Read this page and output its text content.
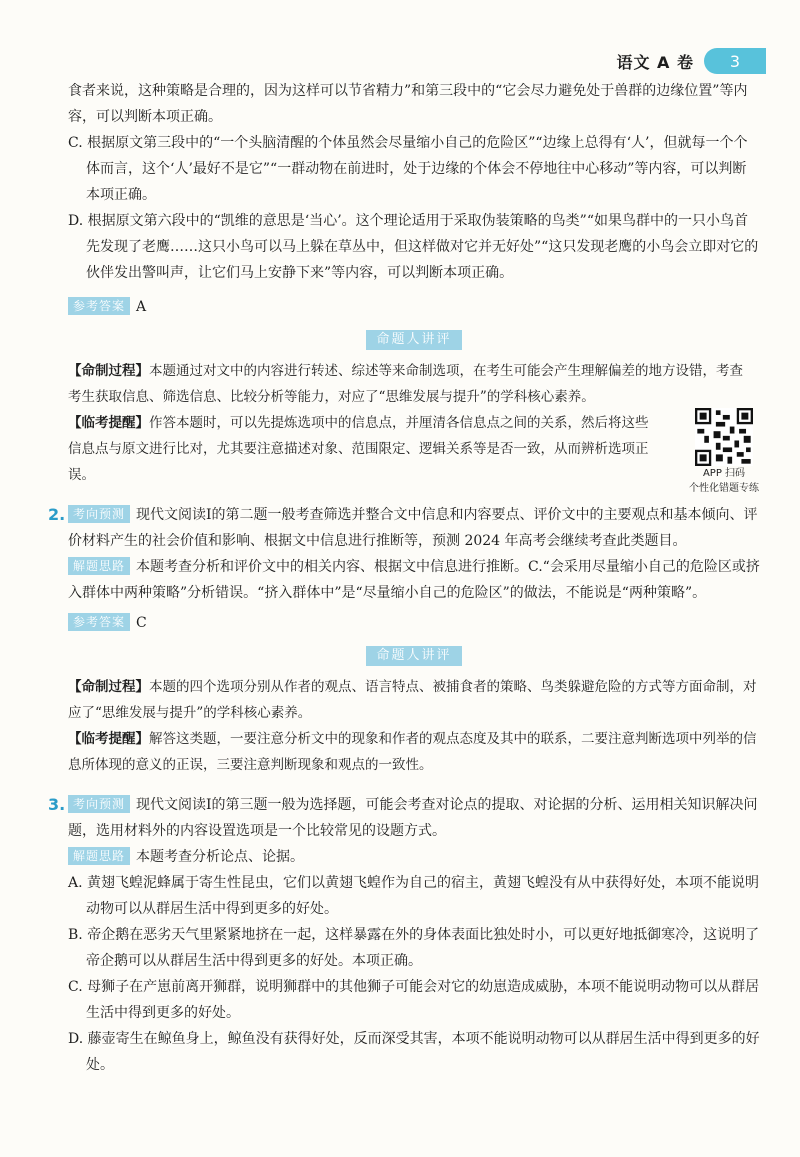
语文 A 卷	3

食者来说，这种策略是合理的，因为这样可以节省精力”和第三段中的“它会尽力避免处于兽群的边缘位置”等内容，可以判断本项正确。

C. 根据原文第三段中的“一个头脑清醒的个体虽然会尽量缩小自己的危险区”“边缘上总得有‘人’，但就每一个个体而言，这个‘人’最好不是它”“一群动物在前进时，处于边缘的个体会不停地往中心移动”等内容，可以判断本项正确。

D. 根据原文第六段中的“凯维的意思是‘当心’。这个理论适用于采取伪装策略的鸟类”“如果鸟群中的一只小鸟首先发现了老鹰……这只小鸟可以马上躲在草丛中，但这样做对它并无好处”“这只发现老鹰的小鸟会立即对它的伙伴发出警叫声，让它们马上安静下来”等内容，可以判断本项正确。

参考答案 A

命题人讲评

【命制过程】本题通过对文中的内容进行转述、综述等来命制选项，在考生可能会产生理解偏差的地方设错，考查考生获取信息、筛选信息、比较分析等能力，对应了“思维发展与提升”的学科核心素养。

【临考提醒】作答本题时，可以先提炼选项中的信息点，并厘清各信息点之间的关系，然后将这些信息点与原文进行比对，尤其要注意描述对象、范围限定、逻辑关系等是否一致，从而辨析选项正误。	APP 扫码
个性化错题专练
2. 考向预测 现代文阅读Ⅰ的第二题一般考查筛选并整合文中信息和内容要点、评价文中的主要观点和基本倾向、评价材料产生的社会价值和影响、根据文中信息进行推断等，预测 2024 年高考会继续考查此类题目。

解题思路 本题考查分析和评价文中的相关内容、根据文中信息进行推断。C.“会采用尽量缩小自己的危险区或挤入群体中两种策略”分析错误。“挤入群体中”是“尽量缩小自己的危险区”的做法，不能说是“两种策略”。

参考答案 C

命题人讲评

【命制过程】本题的四个选项分别从作者的观点、语言特点、被捕食者的策略、鸟类躲避危险的方式等方面命制，对应了“思维发展与提升”的学科核心素养。

【临考提醒】解答这类题，一要注意分析文中的现象和作者的观点态度及其中的联系，二要注意判断选项中列举的信息所体现的意义的正误，三要注意判断现象和观点的一致性。

3. 考向预测 现代文阅读Ⅰ的第三题一般为选择题，可能会考查对论点的提取、对论据的分析、运用相关知识解决问题，选用材料外的内容设置选项是一个比较常见的设题方式。

解题思路 本题考查分析论点、论据。

A. 黄翅飞蝗泥蜂属于寄生性昆虫，它们以黄翅飞蝗作为自己的宿主，黄翅飞蝗没有从中获得好处，本项不能说明动物可以从群居生活中得到更多的好处。

B. 帝企鹅在恶劣天气里紧紧地挤在一起，这样暴露在外的身体表面比独处时小，可以更好地抵御寒冷，这说明了帝企鹅可以从群居生活中得到更多的好处。本项正确。

C. 母狮子在产崽前离开狮群，说明狮群中的其他狮子可能会对它的幼崽造成威胁，本项不能说明动物可以从群居生活中得到更多的好处。

D. 藤壶寄生在鲸鱼身上，鲸鱼没有获得好处，反而深受其害，本项不能说明动物可以从群居生活中得到更多的好处。
